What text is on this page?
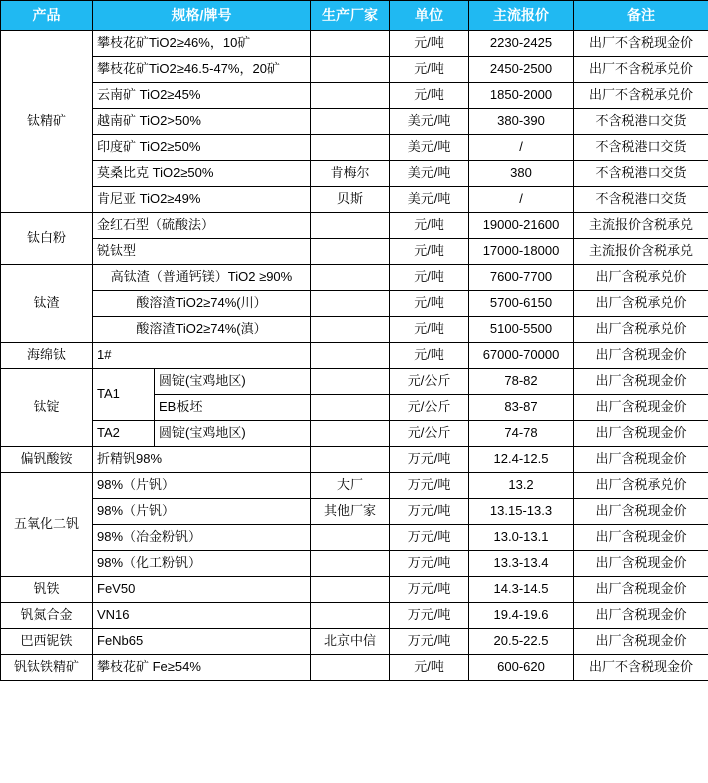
产品	规格/牌号		生产厂家	单位	主流报价	备注
钛精矿	攀枝花矿TiO2≥46%，10矿			元/吨	2230-2425	出厂不含税现金价
	攀枝花矿TiO2≥46.5-47%，20矿			元/吨	2450-2500	出厂不含税承兑价
	云南矿 TiO2≥45%			元/吨	1850-2000	出厂不含税承兑价
	越南矿 TiO2>50%			美元/吨	380-390	不含税港口交货
	印度矿 TiO2≥50%			美元/吨	/	不含税港口交货
	莫桑比克 TiO2≥50%		肯梅尔	美元/吨	380	不含税港口交货
	肯尼亚 TiO2≥49%		贝斯	美元/吨	/	不含税港口交货
钛白粉	金红石型（硫酸法）			元/吨	19000-21600	主流报价含税承兑
	锐钛型			元/吨	17000-18000	主流报价含税承兑
钛渣	高钛渣（普通钙镁）TiO2 ≥90%			元/吨	7600-7700	出厂含税承兑价
	酸溶渣TiO2≥74%(川）			元/吨	5700-6150	出厂含税承兑价
	酸溶渣TiO2≥74%(滇）			元/吨	5100-5500	出厂含税承兑价
海绵钛	1#			元/吨	67000-70000	出厂含税现金价
钛锭	TA1	圆锭(宝鸡地区)		元/公斤	78-82	出厂含税现金价
		EB板坯		元/公斤	83-87	出厂含税现金价
	TA2	圆锭(宝鸡地区)		元/公斤	74-78	出厂含税现金价
偏钒酸铵	折精钒98%			万元/吨	12.4-12.5	出厂含税现金价
五氧化二钒	98%（片钒）		大厂	万元/吨	13.2	出厂含税承兑价
	98%（片钒）		其他厂家	万元/吨	13.15-13.3	出厂含税现金价
	98%（冶金粉钒）			万元/吨	13.0-13.1	出厂含税现金价
	98%（化工粉钒）			万元/吨	13.3-13.4	出厂含税现金价
钒铁	FeV50			万元/吨	14.3-14.5	出厂含税现金价
钒氮合金	VN16			万元/吨	19.4-19.6	出厂含税现金价
巴西铌铁	FeNb65		北京中信	万元/吨	20.5-22.5	出厂含税现金价
钒钛铁精矿	攀枝花矿 Fe≥54%			元/吨	600-620	出厂不含税现金价
